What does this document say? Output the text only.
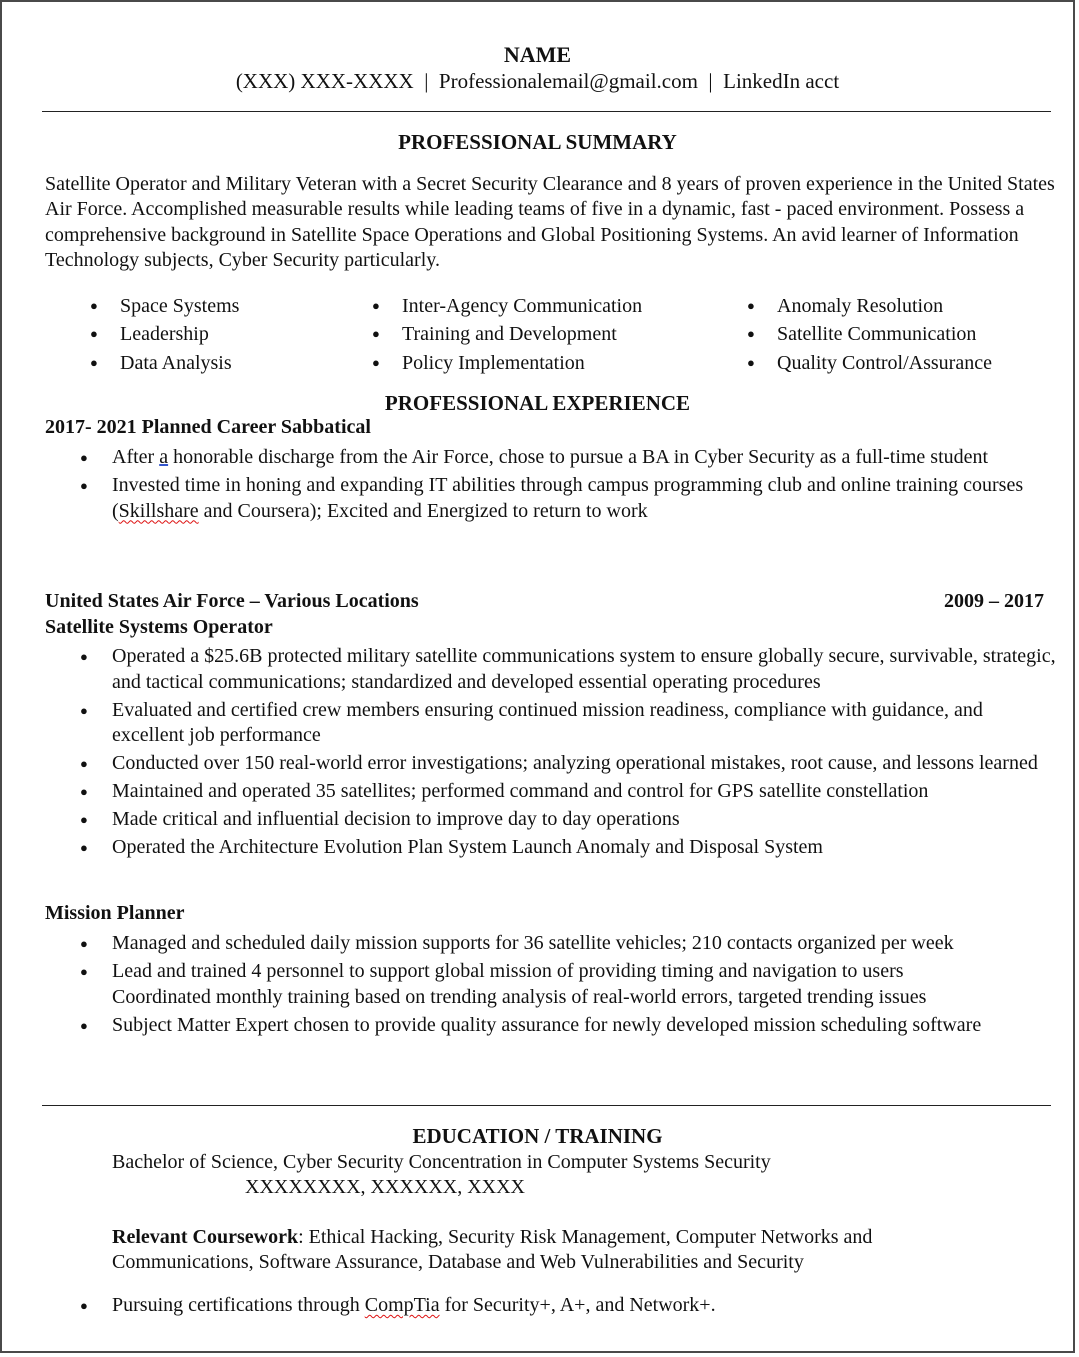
NAME
(XXX) XXX-XXXX  |  Professionalemail@gmail.com  |  LinkedIn acct
PROFESSIONAL SUMMARY
Satellite Operator and Military Veteran with a Secret Security Clearance and 8 years of proven experience in the United States Air Force. Accomplished measurable results while leading teams of five in a dynamic, fast - paced environment. Possess a comprehensive background in Satellite Space Operations and Global Positioning Systems. An avid learner of Information Technology subjects, Cyber Security particularly.
● Space Systems
● Leadership
● Data Analysis
● Inter-Agency Communication
● Training and Development
● Policy Implementation
● Anomaly Resolution
● Satellite Communication
● Quality Control/Assurance
PROFESSIONAL EXPERIENCE
2017- 2021 Planned Career Sabbatical
● After a honorable discharge from the Air Force, chose to pursue a BA in Cyber Security as a full-time student
● Invested time in honing and expanding IT abilities through campus programming club and online training courses (Skillshare and Coursera); Excited and Energized to return to work
United States Air Force – Various Locations	2009 – 2017
Satellite Systems Operator
● Operated a $25.6B protected military satellite communications system to ensure globally secure, survivable, strategic, and tactical communications; standardized and developed essential operating procedures
● Evaluated and certified crew members ensuring continued mission readiness, compliance with guidance, and excellent job performance
● Conducted over 150 real-world error investigations; analyzing operational mistakes, root cause, and lessons learned
● Maintained and operated 35 satellites; performed command and control for GPS satellite constellation
● Made critical and influential decision to improve day to day operations
● Operated the Architecture Evolution Plan System Launch Anomaly and Disposal System
Mission Planner
● Managed and scheduled daily mission supports for 36 satellite vehicles; 210 contacts organized per week
● Lead and trained 4 personnel to support global mission of providing timing and navigation to users
Coordinated monthly training based on trending analysis of real-world errors, targeted trending issues
● Subject Matter Expert chosen to provide quality assurance for newly developed mission scheduling software
EDUCATION / TRAINING
Bachelor of Science, Cyber Security Concentration in Computer Systems Security
XXXXXXXX, XXXXXX, XXXX
Relevant Coursework: Ethical Hacking, Security Risk Management, Computer Networks and
Communications, Software Assurance, Database and Web Vulnerabilities and Security
● Pursuing certifications through CompTia for Security+, A+, and Network+.
